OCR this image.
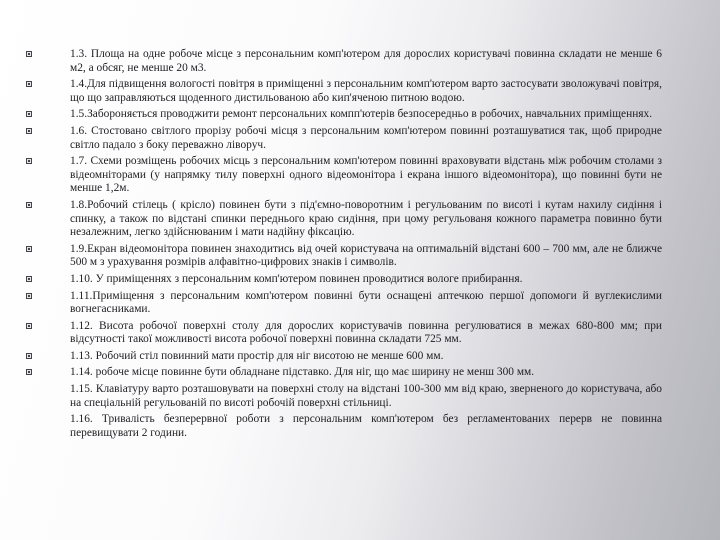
1.3. Площа на одне робоче місце з персональним комп'ютером для дорослих користувачі повинна складати не менше 6 м2, а обсяг, не менше 20 м3.
1.4.Для підвищення вологості повітря в приміщенні з персональним комп'ютером варто застосувати зволожувачі повітря, що що заправляються щоденного дистильованою або кип'яченою питною водою.
1.5.Забороняється проводжити ремонт персональних компп'ютерів безпосередньо в робочих, навчальних приміщеннях.
1.6. Стостовано світлого прорізу робочі місця з персональним комп'ютером повинні розташуватися так, щоб природне світло падало з боку переважно ліворуч.
1.7. Схеми розміщень робочих місць з персональним комп'ютером повинні враховувати відстань між робочим столами з відеомніторами (у напрямку тилу поверхні одного відеомонітора і екрана іншого відеомонітора), що повинні бути не менше 1,2м.
1.8.Робочий стілець ( крісло) повинен бути з під'ємно-поворотним і регульованим по висоті і кутам нахилу сидіння і спинку, а також по відстані спинки переднього краю сидіння, при цому регульованя кожного параметра повинно бути незалежним, легко здійснюваним і мати надійну фіксацію.
1.9.Екран відеомонітора повинен знаходитись від очей користувача на оптимальній відстані 600 – 700 мм, але не ближче 500 м з урахування розмірів алфавітно-цифрових знаків і символів.
1.10. У приміщеннях з персональним комп'ютером повинен проводитися вологе прибирання.
1.11.Приміщення з персональним комп'ютером повинні бути оснащені аптечкою першої допомоги й вуглекислими вогнегасниками.
1.12. Висота робочої поверхні столу для дорослих користувачів повинна регулюватися в межах 680-800 мм; при відсутності такої можливості висота робочої поверхні повинна складати 725 мм.
1.13. Робочий стіл повинний мати простір для ніг висотою не менше 600 мм.
1.14. робоче місце повинне бути обладнане підставко. Для ніг, що має ширину не менш 300 мм.
1.15. Клавіатуру варто розташовувати на поверхні столу на відстані 100-300 мм від краю, зверненого до користувача, або на спеціальній регульованій по висоті робочій поверхні стільниці.
1.16. Тривалість безперервної роботи з персональним комп'ютером без регламентованих перерв не повинна перевищувати 2 години.
